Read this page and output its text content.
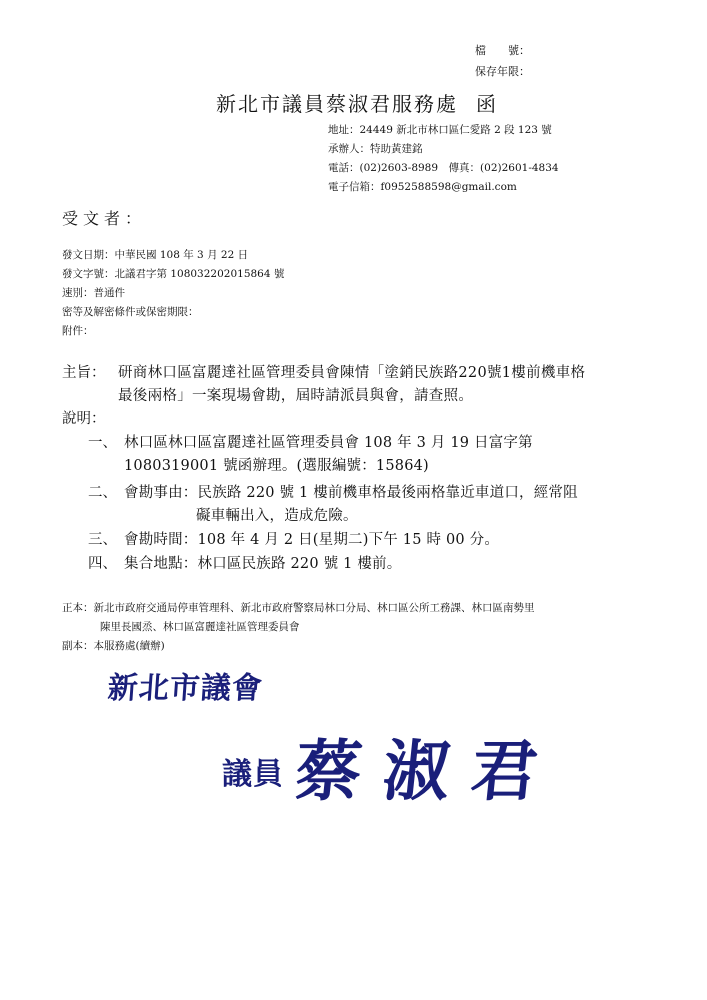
檔　　號：
保存年限：
新北市議員蔡淑君服務處 函
地址：24449 新北市林口區仁愛路 2 段 123 號
承辦人：特助黃建銘
電話：(02)2603-8989　傳真：(02)2601-4834
電子信箱：f0952588598@gmail.com
受文者：
發文日期：中華民國 108 年 3 月 22 日
發文字號：北議君字第 108032202015864 號
速別：普通件
密等及解密條件或保密期限：
附件：
主旨： 研商林口區富麗達社區管理委員會陳情「塗銷民族路220號1樓前機車格
最後兩格」一案現場會勘，屆時請派員與會，請查照。
說明：
一、 林口區林口區富麗達社區管理委員會 108 年 3 月 19 日富字第
1080319001 號函辦理。(選服編號：15864)
二、 會勘事由：民族路 220 號 1 樓前機車格最後兩格靠近車道口，經常阻
礙車輛出入，造成危險。
三、 會勘時間：108 年 4 月 2 日(星期二)下午 15 時 00 分。
四、 集合地點：林口區民族路 220 號 1 樓前。
正本：新北市政府交通局停車管理科、新北市政府警察局林口分局、林口區公所工務課、林口區南勢里
陳里長國烝、林口區富麗達社區管理委員會
副本：本服務處(續辦)
新北市議會
議員 蔡淑君
